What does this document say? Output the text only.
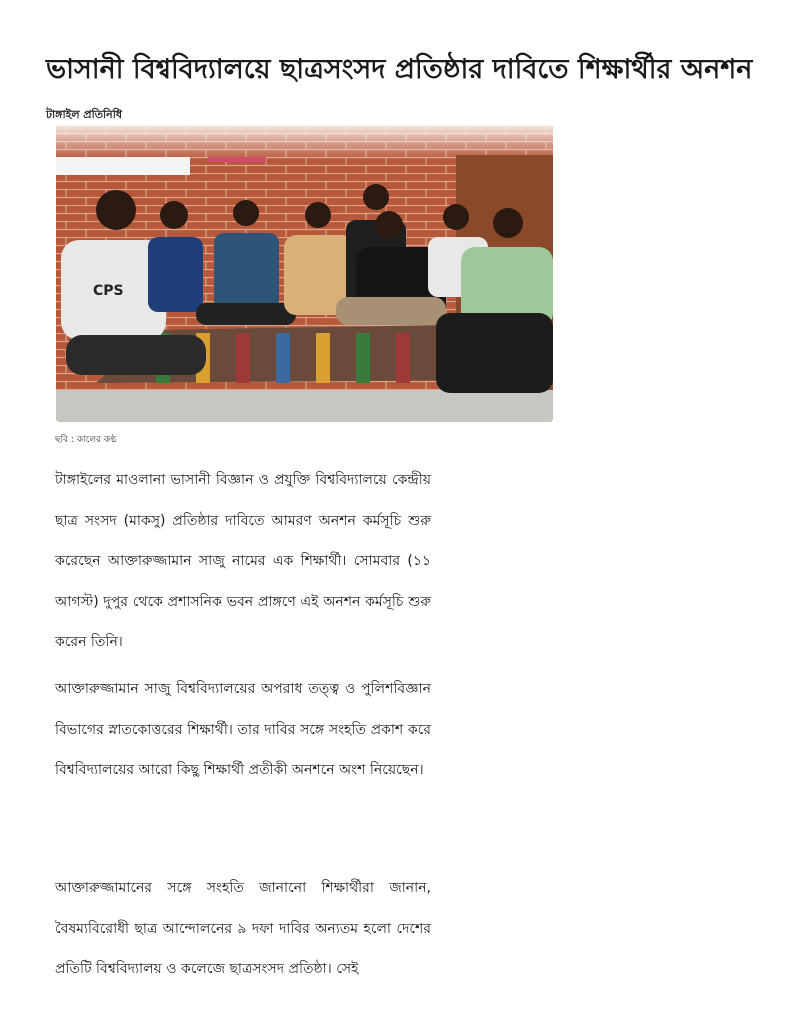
ভাসানী বিশ্ববিদ্যালয়ে ছাত্রসংসদ প্রতিষ্ঠার দাবিতে শিক্ষার্থীর অনশন
টাঙ্গাইল প্রতিনিধি
CPS
ছবি : কালের কণ্ঠ

টাঙ্গাইলের মাওলানা ভাসানী বিজ্ঞান ও প্রযুক্তি বিশ্ববিদ্যালয়ে কেন্দ্রীয় ছাত্র সংসদ (মাকসু) প্রতিষ্ঠার দাবিতে আমরণ অনশন কর্মসূচি শুরু করেছেন আক্তারুজ্জামান সাজু নামের এক শিক্ষার্থী। সোমবার (১১ আগস্ট) দুপুর থেকে প্রশাসনিক ভবন প্রাঙ্গণে এই অনশন কর্মসূচি শুরু করেন তিনি।

আক্তারুজ্জামান সাজু বিশ্ববিদ্যালয়ের অপরাধ তত্ত্ব ও পুলিশবিজ্ঞান বিভাগের স্নাতকোত্তরের শিক্ষার্থী। তার দাবির সঙ্গে সংহতি প্রকাশ করে বিশ্ববিদ্যালয়ের আরো কিছু শিক্ষার্থী প্রতীকী অনশনে অংশ নিয়েছেন।

আক্তারুজ্জামানের সঙ্গে সংহতি জানানো শিক্ষার্থীরা জানান, বৈষম্যবিরোধী ছাত্র আন্দোলনের ৯ দফা দাবির অন্যতম হলো দেশের প্রতিটি বিশ্ববিদ্যালয় ও কলেজে ছাত্রসংসদ প্রতিষ্ঠা। সেই
